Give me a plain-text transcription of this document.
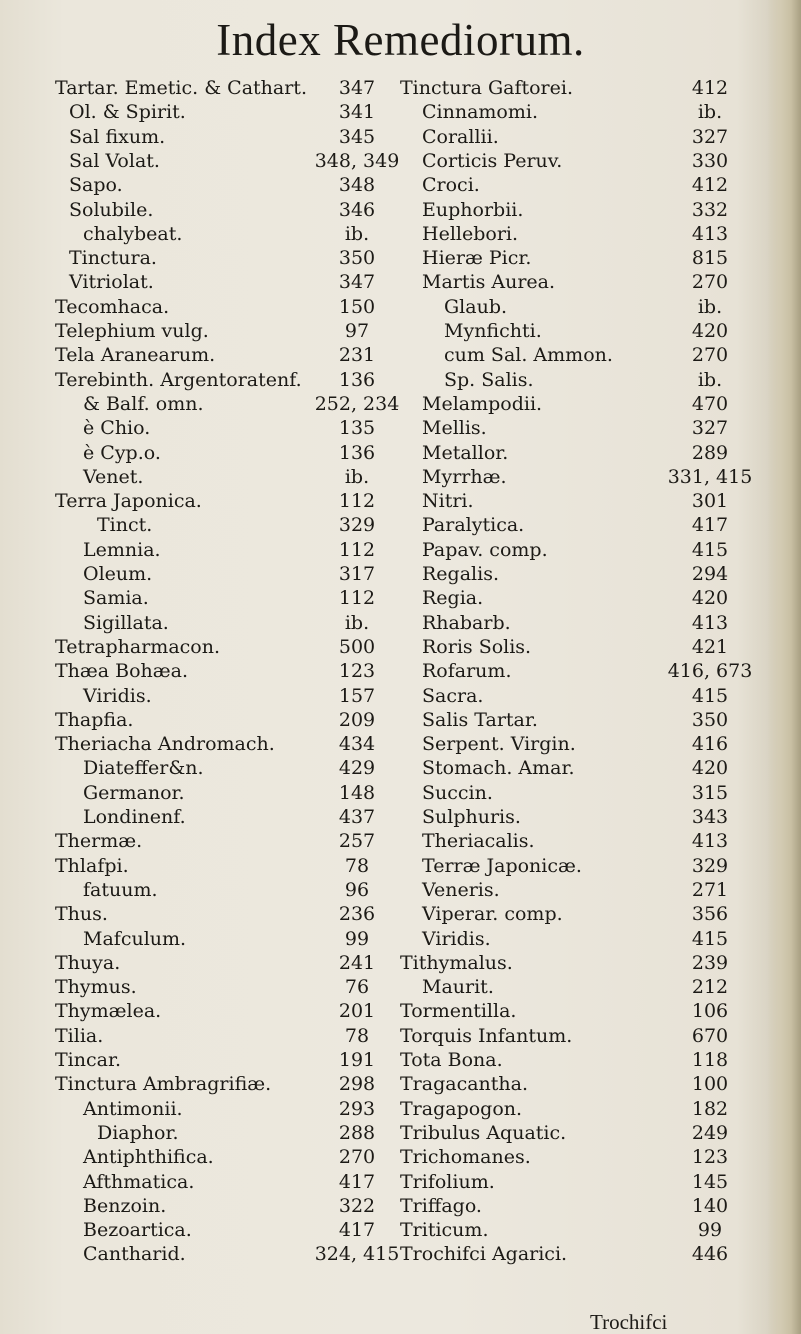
Index Remediorum.
Tartar. Emetic. & Cathart.	347
Ol. & Spirit.	341
Sal fixum.	345
Sal Volat.	348, 349
Sapo.	348
Solubile.	346
chalybeat.	ib.
Tinctura.	350
Vitriolat.	347
Tecomhaca.	150
Telephium vulg.	97
Tela Aranearum.	231
Terebinth. Argentoratenf.	136
& Balf. omn.	252, 234
è Chio.	135
è Cyp.o.	136
Venet.	ib.
Terra Japonica.	112
Tinct.	329
Lemnia.	112
Oleum.	317
Samia.	112
Sigillata.	ib.
Tetrapharmacon.	500
Thæa Bohæa.	123
Viridis.	157
Thapfia.	209
Theriacha Andromach.	434
Diateffer&n.	429
Germanor.	148
Londinenf.	437
Thermæ.	257
Thlafpi.	78
fatuum.	96
Thus.	236
Mafculum.	99
Thuya.	241
Thymus.	76
Thymælea.	201
Tilia.	78
Tincar.	191
Tinctura Ambragrifiæ.	298
Antimonii.	293
Diaphor.	288
Antiphthifica.	270
Afthmatica.	417
Benzoin.	322
Bezoartica.	417
Cantharid.	324, 415
Tinctura Gaftorei.	412
Cinnamomi.	ib.
Corallii.	327
Corticis Peruv.	330
Croci.	412
Euphorbii.	332
Hellebori.	413
Hieræ Picr.	815
Martis Aurea.	270
Glaub.	ib.
Mynfichti.	420
cum Sal. Ammon.	270
Sp. Salis.	ib.
Melampodii.	470
Mellis.	327
Metallor.	289
Myrrhæ.	331, 415
Nitri.	301
Paralytica.	417
Papav. comp.	415
Regalis.	294
Regia.	420
Rhabarb.	413
Roris Solis.	421
Rofarum.	416, 673
Sacra.	415
Salis Tartar.	350
Serpent. Virgin.	416
Stomach. Amar.	420
Succin.	315
Sulphuris.	343
Theriacalis.	413
Terræ Japonicæ.	329
Veneris.	271
Viperar. comp.	356
Viridis.	415
Tithymalus.	239
Maurit.	212
Tormentilla.	106
Torquis Infantum.	670
Tota Bona.	118
Tragacantha.	100
Tragapogon.	182
Tribulus Aquatic.	249
Trichomanes.	123
Trifolium.	145
Triffago.	140
Triticum.	99
Trochifci Agarici.	446
Trochifci
